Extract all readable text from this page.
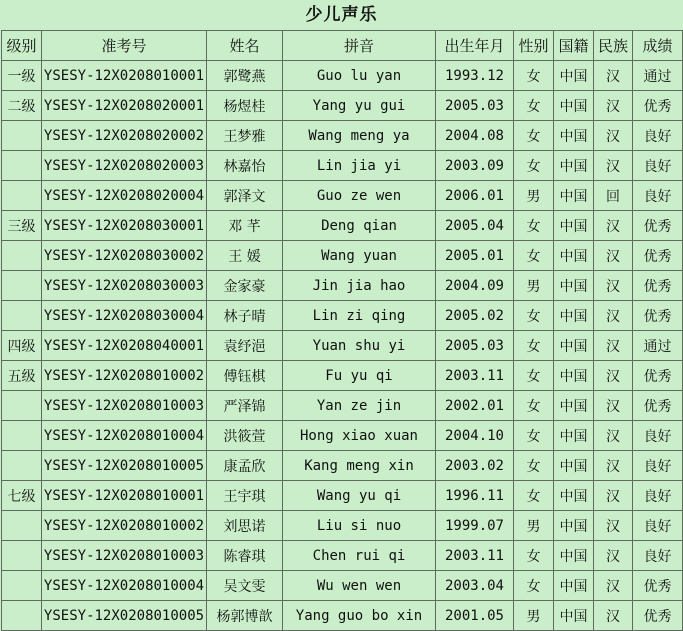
少儿声乐
级别	准考号	姓名	拼音	出生年月	性别	国籍	民族	成绩
一级	YSESY-12X0208010001	郭鹭燕	Guo lu yan	1993.12	女	中国	汉	通过
二级	YSESY-12X0208020001	杨煜桂	Yang yu gui	2005.03	女	中国	汉	优秀
	YSESY-12X0208020002	王梦雅	Wang meng ya	2004.08	女	中国	汉	良好
	YSESY-12X0208020003	林嘉怡	Lin jia yi	2003.09	女	中国	汉	良好
	YSESY-12X0208020004	郭泽文	Guo ze wen	2006.01	男	中国	回	良好
三级	YSESY-12X0208030001	邓 芊	Deng qian	2005.04	女	中国	汉	优秀
	YSESY-12X0208030002	王 媛	Wang yuan	2005.01	女	中国	汉	优秀
	YSESY-12X0208030003	金家豪	Jin jia hao	2004.09	男	中国	汉	优秀
	YSESY-12X0208030004	林子晴	Lin zi qing	2005.02	女	中国	汉	优秀
四级	YSESY-12X0208040001	袁纾浥	Yuan shu yi	2005.03	女	中国	汉	通过
五级	YSESY-12X0208010002	傅钰棋	Fu yu qi	2003.11	女	中国	汉	优秀
	YSESY-12X0208010003	严泽锦	Yan ze jin	2002.01	女	中国	汉	优秀
	YSESY-12X0208010004	洪筱萱	Hong xiao xuan	2004.10	女	中国	汉	良好
	YSESY-12X0208010005	康孟欣	Kang meng xin	2003.02	女	中国	汉	良好
七级	YSESY-12X0208010001	王宇琪	Wang yu qi	1996.11	女	中国	汉	良好
	YSESY-12X0208010002	刘思诺	Liu si nuo	1999.07	男	中国	汉	良好
	YSESY-12X0208010003	陈睿琪	Chen rui qi	2003.11	女	中国	汉	良好
	YSESY-12X0208010004	吴文雯	Wu wen wen	2003.04	女	中国	汉	优秀
	YSESY-12X0208010005	杨郭博歆	Yang guo bo xin	2001.05	男	中国	汉	优秀
